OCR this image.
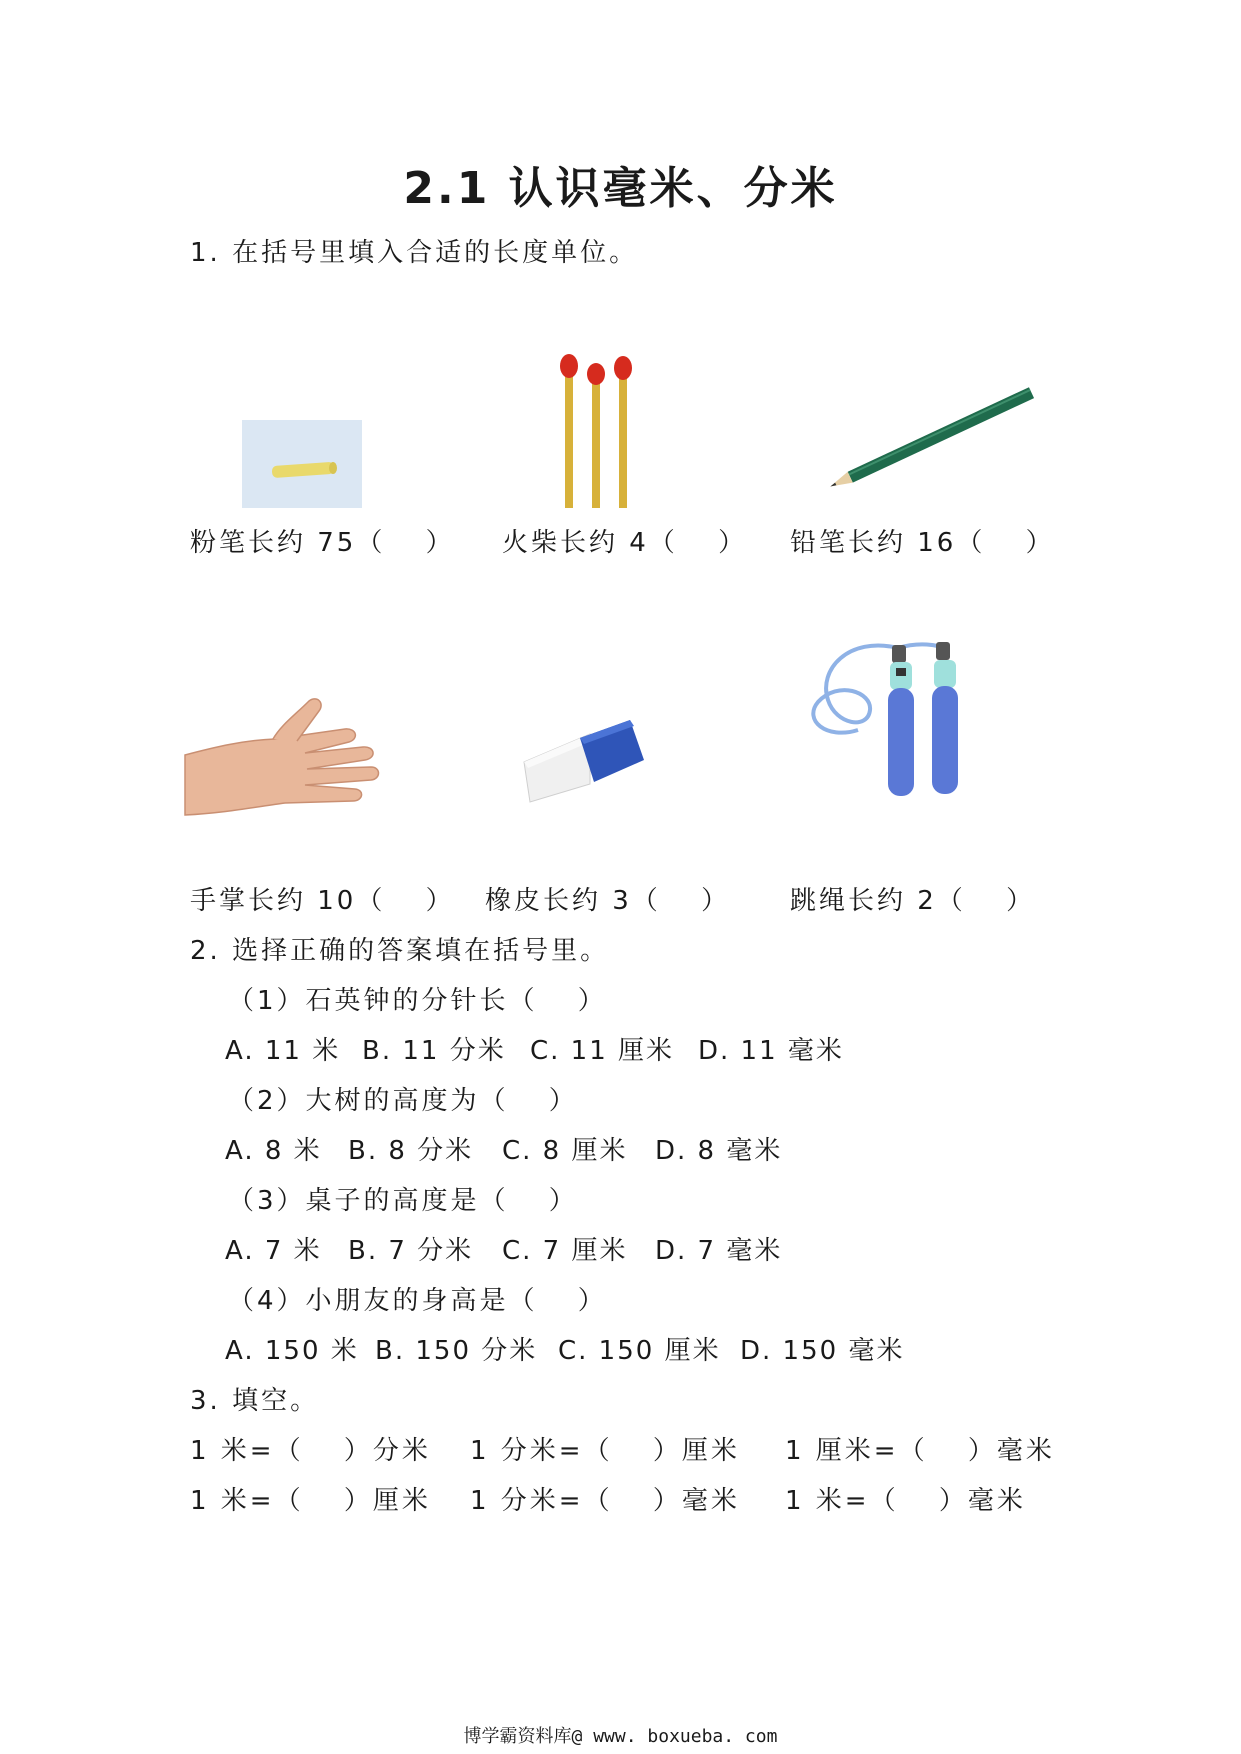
2.1 认识毫米、分米
1. 在括号里填入合适的长度单位。
粉笔长约 75（　 ） 火柴长约 4（　 ） 铅笔长约 16（　 ）
手掌长约 10（　 ） 橡皮长约 3（　 ） 跳绳长约 2（　 ）
2. 选择正确的答案填在括号里。
（1）石英钟的分针长（　 ）
A. 11 米 B. 11 分米 C. 11 厘米 D. 11 毫米
（2）大树的高度为（　 ）
A. 8 米 B. 8 分米 C. 8 厘米 D. 8 毫米
（3）桌子的高度是（　 ）
A. 7 米 B. 7 分米 C. 7 厘米 D. 7 毫米
（4）小朋友的身高是（　 ）
A. 150 米 B. 150 分米 C. 150 厘米 D. 150 毫米
3. 填空。
1 米=（　 ）分米 1 分米=（　 ）厘米 1 厘米=（　 ）毫米
1 米=（　 ）厘米 1 分米=（　 ）毫米 1 米=（　 ）毫米
博学霸资料库@ www. boxueba. com
